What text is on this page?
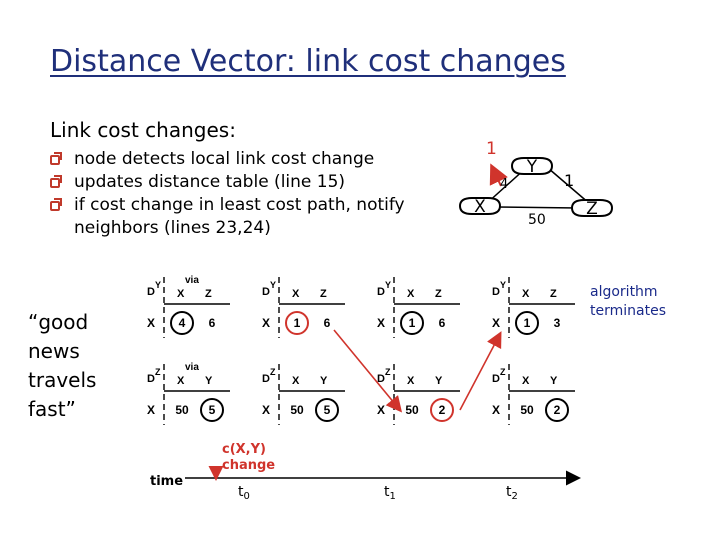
Distance Vector: link cost changes
Link cost changes:
node detects local link cost change
updates distance table (line 15)
if cost change in least cost path, notify neighbors (lines 23,24)
“good news travels fast”
algorithm terminates
Y
X	Z
1
4	1
50
D
Y via
X Z
X 4 6
D
Y
X Z
X 1 6
D
Y
X Z
X 1 6
D
Y
X Z
X 1 3
D
Z via
X Y
X 50 5
D
Z
X Y
X 50 5
D
Z
X Y
X 50 2
D
Z
X Y
X 50 2
time
c(X,Y)
change
$t_0$	$t_1$	$t_2$
